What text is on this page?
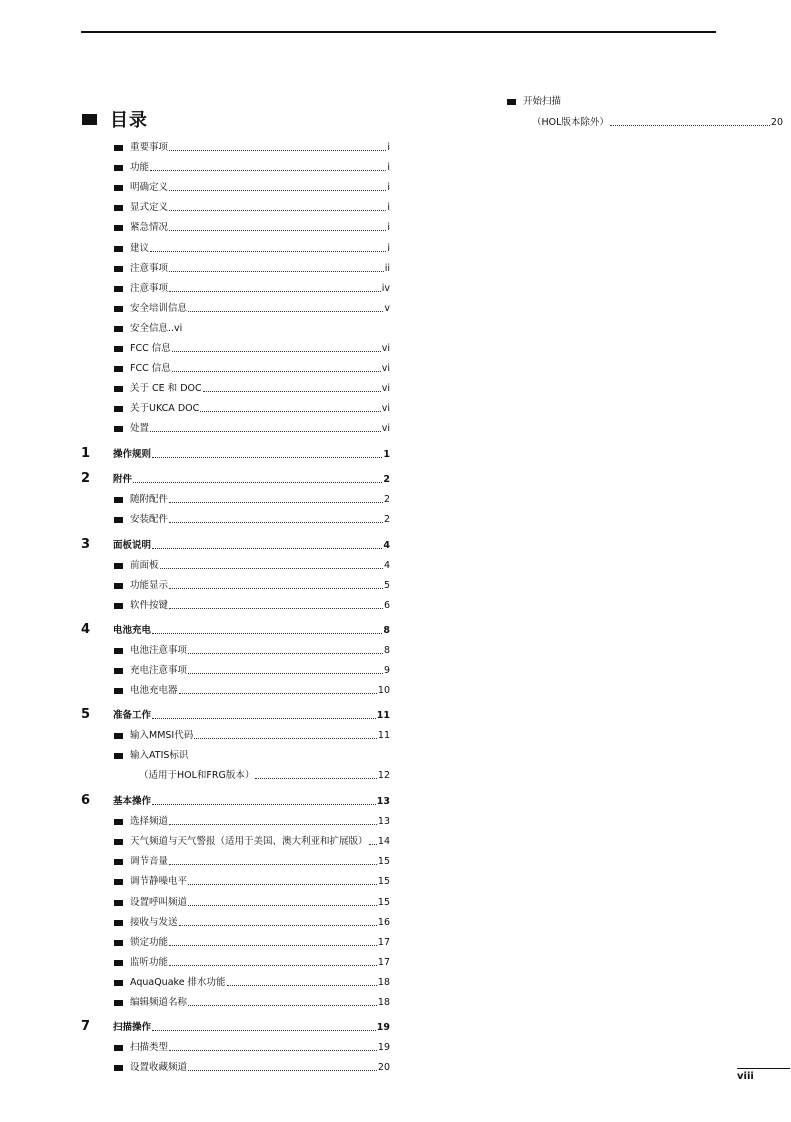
目录
重要事项	i
功能	i
明确定义	i
显式定义	i
紧急情况	i
建议	i
注意事项	ii
注意事项	iv
安全培训信息	v
安全信息..vi
FCC 信息	vi
FCC 信息	vi
关于 CE 和 DOC	vi
关于UKCA DOC	vi
处置	vi
1 操作规则	1
2 附件	2
随附配件	2
安装配件	2
3 面板说明	4
前面板	4
功能显示	5
软件按键	6
4 电池充电	8
电池注意事项	8
充电注意事项	9
电池充电器	10
5 准备工作	11
输入MMSI代码	11
输入ATIS标识
（适用于HOL和FRG版本）	12
6 基本操作	13
选择频道	13
天气频道与天气警报（适用于美国、澳大利亚和扩展版） 14
调节音量	15
调节静噪电平	15
设置呼叫频道	15
接收与发送	16
锁定功能	17
监听功能	17
AquaQuake 排水功能	18
编辑频道名称	18
7 扫描操作	19
扫描类型	19
设置收藏频道	20
开始扫描
（HOL版本除外）	20
viii
